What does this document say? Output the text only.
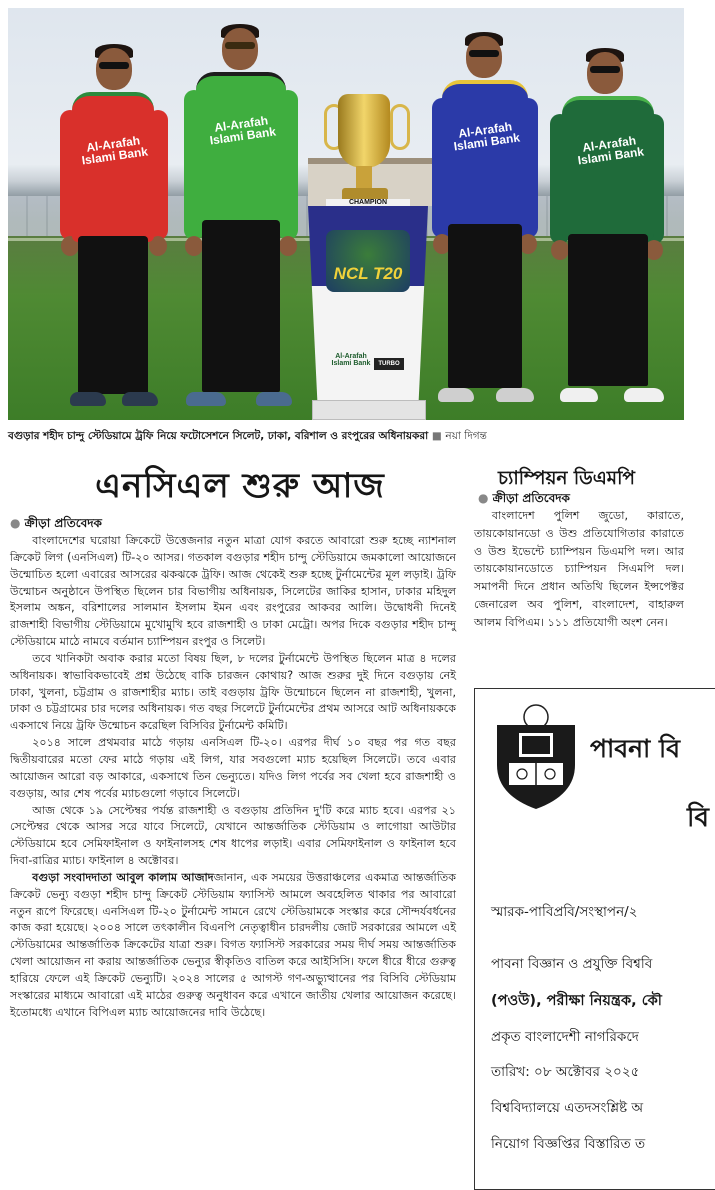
Al-Arafah Islami Bank
Al-Arafah Islami Bank
CHAMPION
NCL T20
Al-Arafah Islami Bank	TURBO
Al-Arafah Islami Bank	Al-Arafah Islami Bank
বগুড়ার শহীদ চান্দু স্টেডিয়ামে ট্রফি নিয়ে ফটোসেশনে সিলেট, ঢাকা, বরিশাল ও রংপুরের অধিনায়করা ■ নয়া দিগন্ত
এনসিএল শুরু আজ
● ক্রীড়া প্রতিবেদক

বাংলাদেশের ঘরোয়া ক্রিকেটে উত্তেজনার নতুন মাত্রা যোগ করতে আবারো শুরু হচ্ছে ন্যাশনাল ক্রিকেট লিগ (এনসিএল) টি-২০ আসর। গতকাল বগুড়ার শহীদ চান্দু স্টেডিয়ামে জমকালো আয়োজনে উন্মোচিত হলো এবারের আসরের ঝকঝকে ট্রফি। আজ থেকেই শুরু হচ্ছে টুর্নামেন্টের মূল লড়াই। ট্রফি উন্মোচন অনুষ্ঠানে উপস্থিত ছিলেন চার বিভাগীয় অধিনায়ক, সিলেটের জাকির হাসান, ঢাকার মহিদুল ইসলাম অঙ্কন, বরিশালের সালমান ইসলাম ইমন এবং রংপুরের আকবর আলি। উদ্বোধনী দিনেই রাজশাহী বিভাগীয় স্টেডিয়ামে মুখোমুখি হবে রাজশাহী ও ঢাকা মেট্রো। অপর দিকে বগুড়ার শহীদ চান্দু স্টেডিয়ামে মাঠে নামবে বর্তমান চ্যাম্পিয়ন রংপুর ও সিলেট।

তবে খানিকটা অবাক করার মতো বিষয় ছিল, ৮ দলের টুর্নামেন্টে উপস্থিত ছিলেন মাত্র ৪ দলের অধিনায়ক। স্বাভাবিকভাবেই প্রশ্ন উঠেছে বাকি চারজন কোথায়? আজ শুরুর দুই দিনে বগুড়ায় নেই ঢাকা, খুলনা, চট্টগ্রাম ও রাজশাহীর ম্যাচ। তাই বগুড়ায় ট্রফি উন্মোচনে ছিলেন না রাজশাহী, খুলনা, ঢাকা ও চট্টগ্রামের চার দলের অধিনায়ক। গত বছর সিলেটে টুর্নামেন্টের প্রথম আসরে আট অধিনায়ককে একসাথে নিয়ে ট্রফি উন্মোচন করেছিল বিসিবির টুর্নামেন্ট কমিটি।

২০১৪ সালে প্রথমবার মাঠে গড়ায় এনসিএল টি-২০। এরপর দীর্ঘ ১০ বছর পর গত বছর দ্বিতীয়বারের মতো ফের মাঠে গড়ায় এই লিগ, যার সবগুলো ম্যাচ হয়েছিল সিলেটে। তবে এবার আয়োজন আরো বড় আকারে, একসাথে তিন ভেন্যুতে। যদিও লিগ পর্বের সব খেলা হবে রাজশাহী ও বগুড়ায়, আর শেষ পর্বের ম্যাচগুলো গড়াবে সিলেটে।

আজ থেকে ১৯ সেপ্টেম্বর পর্যন্ত রাজশাহী ও বগুড়ায় প্রতিদিন দু'টি করে ম্যাচ হবে। এরপর ২১ সেপ্টেম্বর থেকে আসর সরে যাবে সিলেটে, যেখানে আন্তর্জাতিক স্টেডিয়াম ও লাগোয়া আউটার স্টেডিয়ামে হবে সেমিফাইনাল ও ফাইনালসহ শেষ ধাপের লড়াই। এবার সেমিফাইনাল ও ফাইনাল হবে দিবা-রাত্রির ম্যাচ। ফাইনাল ৪ অক্টোবর।

বগুড়া সংবাদদাতা আবুল কালাম আজাদজানান, এক সময়ের উত্তরাঞ্চলের একমাত্র আন্তর্জাতিক ক্রিকেট ভেন্যু বগুড়া শহীদ চান্দু ক্রিকেট স্টেডিয়াম ফ্যাসিস্ট আমলে অবহেলিত থাকার পর আবারো নতুন রূপে ফিরেছে। এনসিএল টি-২০ টুর্নামেন্ট সামনে রেখে স্টেডিয়ামকে সংস্কার করে সৌন্দর্যবর্ধনের কাজ করা হয়েছে। ২০০৪ সালে তৎকালীন বিএনপি নেতৃত্বাধীন চারদলীয় জোট সরকারের আমলে এই স্টেডিয়ামের আন্তর্জাতিক ক্রিকেটের যাত্রা শুরু। বিগত ফ্যাসিস্ট সরকারের সময় দীর্ঘ সময় আন্তর্জাতিক খেলা আয়োজন না করায় আন্তর্জাতিক ভেন্যুর স্বীকৃতিও বাতিল করে আইসিসি। ফলে ধীরে ধীরে গুরুত্ব হারিয়ে ফেলে এই ক্রিকেট ভেন্যুটি। ২০২৪ সালের ৫ আগস্ট গণ-অভ্যুত্থানের পর বিসিবি স্টেডিয়াম সংস্কারের মাধ্যমে আবারো এই মাঠের গুরুত্ব অনুধাবন করে এখানে জাতীয় খেলার আয়োজন করেছে। ইতোমধ্যে এখানে বিপিএল ম্যাচ আয়োজনের দাবি উঠেছে।

চ্যাম্পিয়ন ডিএমপি
● ক্রীড়া প্রতিবেদক

বাংলাদেশ পুলিশ জুডো, কারাতে, তায়কোয়ানডো ও উশু প্রতিযোগিতার কারাতে ও উশু ইভেন্টে চ্যাম্পিয়ন ডিএমপি দল। আর তায়কোয়ানডোতে চ্যাম্পিয়ন সিএমপি দল। সমাপনী দিনে প্রধান অতিথি ছিলেন ইন্সপেক্টর জেনারেল অব পুলিশ, বাংলাদেশ, বাহারুল আলম বিপিএম। ১১১ প্রতিযোগী অংশ নেন।

পাবনা বি
বি
স্মারক-পাবিপ্রবি/সংস্থাপন/২
পাবনা বিজ্ঞান ও প্রযুক্তি বিশ্ববি
(পওউ), পরীক্ষা নিয়ন্ত্রক, কৌ
প্রকৃত বাংলাদেশী নাগরিকদে
তারিখ: ০৮ অক্টোবর ২০২৫
বিশ্ববিদ্যালয়ে এতদসংশ্লিষ্ট অ
নিয়োগ বিজ্ঞপ্তির বিস্তারিত ত
